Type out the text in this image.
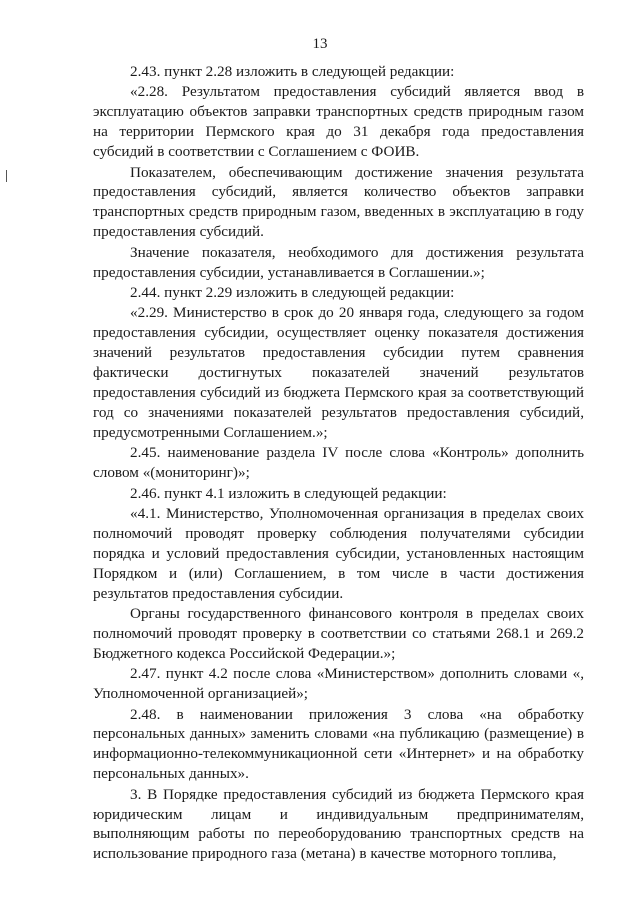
13

2.43. пункт 2.28 изложить в следующей редакции:

«2.28. Результатом предоставления субсидий является ввод в эксплуатацию объектов заправки транспортных средств природным газом на территории Пермского края до 31 декабря года предоставления субсидий в соответствии с Соглашением с ФОИВ.

Показателем, обеспечивающим достижение значения результата предоставления субсидий, является количество объектов заправки транспортных средств природным газом, введенных в эксплуатацию в году предоставления субсидий.

Значение показателя, необходимого для достижения результата предоставления субсидии, устанавливается в Соглашении.»;

2.44. пункт 2.29 изложить в следующей редакции:

«2.29. Министерство в срок до 20 января года, следующего за годом предоставления субсидии, осуществляет оценку показателя достижения значений результатов предоставления субсидии путем сравнения фактически достигнутых показателей значений результатов предоставления субсидий из бюджета Пермского края за соответствующий год со значениями показателей результатов предоставления субсидий, предусмотренными Соглашением.»;

2.45. наименование раздела IV после слова «Контроль» дополнить словом «(мониторинг)»;

2.46. пункт 4.1 изложить в следующей редакции:

«4.1. Министерство, Уполномоченная организация в пределах своих полномочий проводят проверку соблюдения получателями субсидии порядка и условий предоставления субсидии, установленных настоящим Порядком и (или) Соглашением, в том числе в части достижения результатов предоставления субсидии.

Органы государственного финансового контроля в пределах своих полномочий проводят проверку в соответствии со статьями 268.1 и 269.2 Бюджетного кодекса Российской Федерации.»;

2.47. пункт 4.2 после слова «Министерством» дополнить словами «, Уполномоченной организацией»;

2.48. в наименовании приложения 3 слова «на обработку персональных данных» заменить словами «на публикацию (размещение) в информационно-телекоммуникационной сети «Интернет» и на обработку персональных данных».

3. В Порядке предоставления субсидий из бюджета Пермского края юридическим лицам и индивидуальным предпринимателям, выполняющим работы по переоборудованию транспортных средств на использование природного газа (метана) в качестве моторного топлива,
